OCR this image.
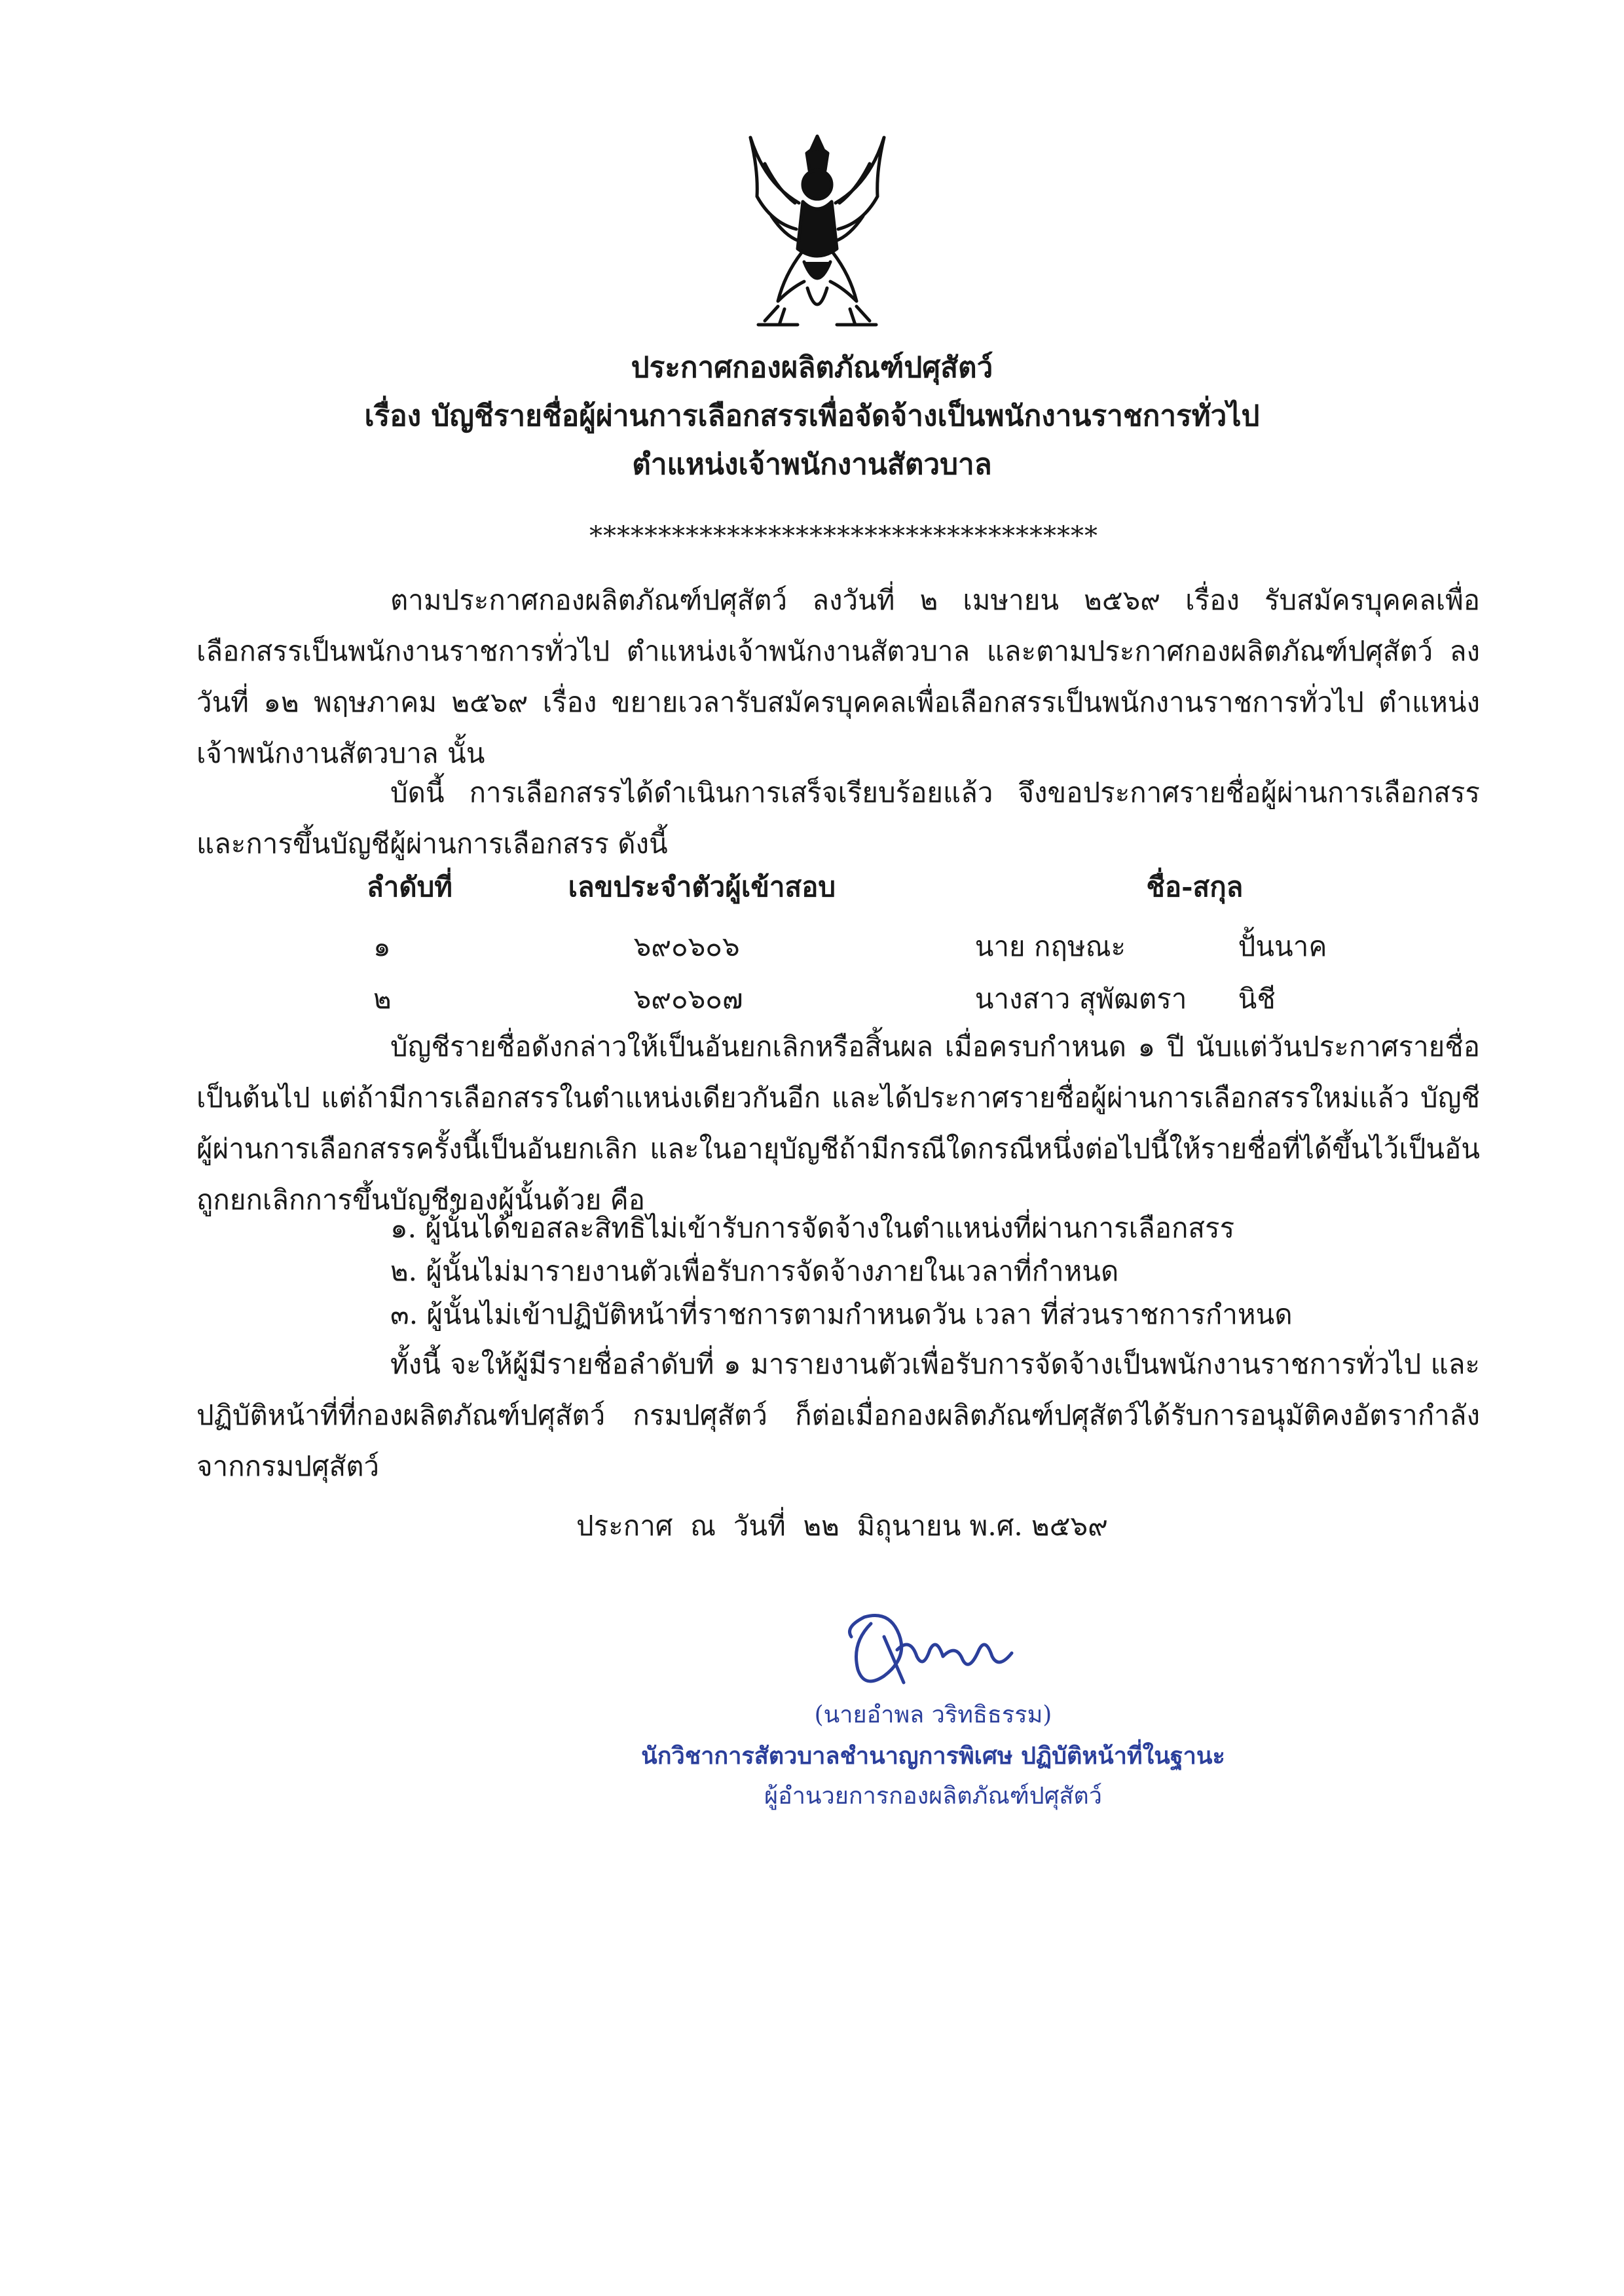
ประกาศกองผลิตภัณฑ์ปศุสัตว์
เรื่อง บัญชีรายชื่อผู้ผ่านการเลือกสรรเพื่อจัดจ้างเป็นพนักงานราชการทั่วไป
ตำแหน่งเจ้าพนักงานสัตวบาล
*************************************

ตามประกาศกองผลิตภัณฑ์ปศุสัตว์ ลงวันที่ ๒ เมษายน ๒๕๖๙ เรื่อง รับสมัครบุคคลเพื่อเลือกสรรเป็นพนักงานราชการทั่วไป ตำแหน่งเจ้าพนักงานสัตวบาล และตามประกาศกองผลิตภัณฑ์ปศุสัตว์ ลงวันที่ ๑๒ พฤษภาคม ๒๕๖๙ เรื่อง ขยายเวลารับสมัครบุคคลเพื่อเลือกสรรเป็นพนักงานราชการทั่วไป ตำแหน่ง เจ้าพนักงานสัตวบาล นั้น

บัดนี้ การเลือกสรรได้ดำเนินการเสร็จเรียบร้อยแล้ว จึงขอประกาศรายชื่อผู้ผ่านการเลือกสรรและการขึ้นบัญชีผู้ผ่านการเลือกสรร ดังนี้

ลำดับที่	เลขประจำตัวผู้เข้าสอบ	ชื่อ-สกุล	
๑	๖๙๐๖๐๖	นาย กฤษณะ	ปั้นนาค
๒	๖๙๐๖๐๗	นางสาว สุพัฒตรา	นิชี

บัญชีรายชื่อดังกล่าวให้เป็นอันยกเลิกหรือสิ้นผล เมื่อครบกำหนด ๑ ปี นับแต่วันประกาศรายชื่อเป็นต้นไป แต่ถ้ามีการเลือกสรรในตำแหน่งเดียวกันอีก และได้ประกาศรายชื่อผู้ผ่านการเลือกสรรใหม่แล้ว บัญชีผู้ผ่านการเลือกสรรครั้งนี้เป็นอันยกเลิก และในอายุบัญชีถ้ามีกรณีใดกรณีหนึ่งต่อไปนี้ให้รายชื่อที่ได้ขึ้นไว้เป็นอันถูกยกเลิกการขึ้นบัญชีของผู้นั้นด้วย คือ

๑. ผู้นั้นได้ขอสละสิทธิไม่เข้ารับการจัดจ้างในตำแหน่งที่ผ่านการเลือกสรร
๒. ผู้นั้นไม่มารายงานตัวเพื่อรับการจัดจ้างภายในเวลาที่กำหนด
๓. ผู้นั้นไม่เข้าปฏิบัติหน้าที่ราชการตามกำหนดวัน เวลา ที่ส่วนราชการกำหนด

ทั้งนี้ จะให้ผู้มีรายชื่อลำดับที่ ๑ มารายงานตัวเพื่อรับการจัดจ้างเป็นพนักงานราชการทั่วไป และปฏิบัติหน้าที่ที่กองผลิตภัณฑ์ปศุสัตว์ กรมปศุสัตว์ ก็ต่อเมื่อกองผลิตภัณฑ์ปศุสัตว์ได้รับการอนุมัติคงอัตรากำลังจากกรมปศุสัตว์

ประกาศ  ณ  วันที่  ๒๒  มิถุนายน พ.ศ. ๒๕๖๙
(นายอำพล วริทธิธรรม)
นักวิชาการสัตวบาลชำนาญการพิเศษ ปฏิบัติหน้าที่ในฐานะ
ผู้อำนวยการกองผลิตภัณฑ์ปศุสัตว์
